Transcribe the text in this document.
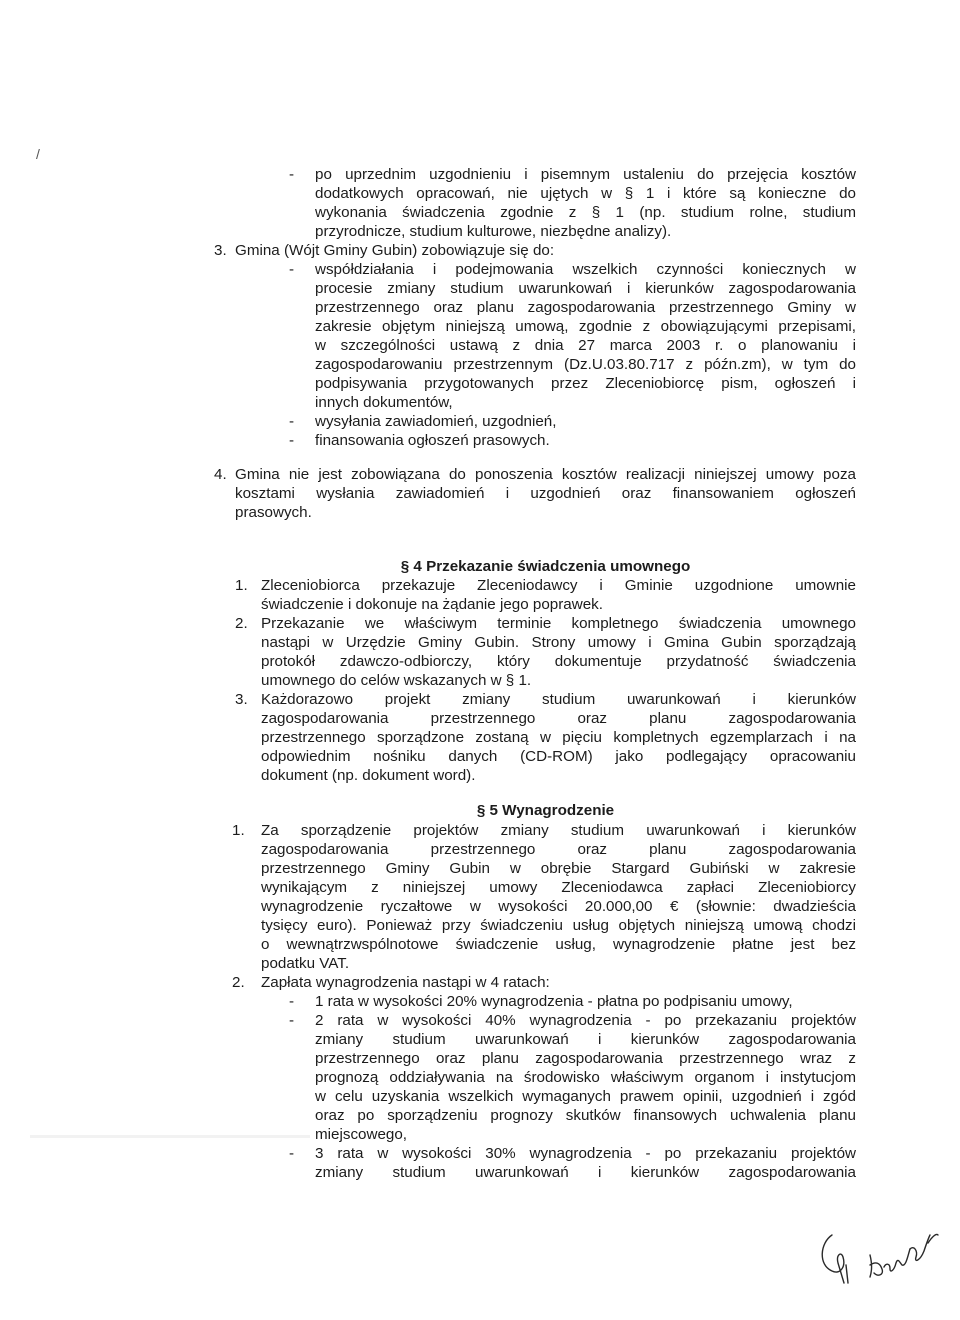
/
- po uprzednim uzgodnieniu i pisemnym ustaleniu do przejęcia kosztów

dodatkowych opracowań, nie ujętych w § 1 i które są konieczne do

wykonania świadczenia zgodnie z § 1 (np. studium rolne, studium

przyrodnicze, studium kulturowe, niezbędne analizy).

3. Gmina (Wójt Gminy Gubin) zobowiązuje się do:

- współdziałania i podejmowania wszelkich czynności koniecznych w

procesie zmiany studium uwarunkowań i kierunków zagospodarowania

przestrzennego oraz planu zagospodarowania przestrzennego Gminy w

zakresie objętym niniejszą umową, zgodnie z obowiązującymi przepisami,

w szczególności ustawą z dnia 27 marca 2003 r. o planowaniu i

zagospodarowaniu przestrzennym (Dz.U.03.80.717 z późn.zm), w tym do

podpisywania przygotowanych przez Zleceniobiorcę pism, ogłoszeń i

innych dokumentów,

- wysyłania zawiadomień, uzgodnień,

- finansowania ogłoszeń prasowych.

4. Gmina nie jest zobowiązana do ponoszenia kosztów realizacji niniejszej umowy poza

kosztami wysłania zawiadomień i uzgodnień oraz finansowaniem ogłoszeń

prasowych.

§ 4 Przekazanie świadczenia umownego

1. Zleceniobiorca przekazuje Zleceniodawcy i Gminie uzgodnione umownie

świadczenie i dokonuje na żądanie jego poprawek.

2. Przekazanie we właściwym terminie kompletnego świadczenia umownego

nastąpi w Urzędzie Gminy Gubin. Strony umowy i Gmina Gubin sporządzają

protokół zdawczo-odbiorczy, który dokumentuje przydatność świadczenia

umownego do celów wskazanych w § 1.

3. Każdorazowo projekt zmiany studium uwarunkowań i kierunków

zagospodarowania przestrzennego oraz planu zagospodarowania

przestrzennego sporządzone zostaną w pięciu kompletnych egzemplarzach i na

odpowiednim nośniku danych (CD-ROM) jako podlegający opracowaniu

dokument (np. dokument word).

§ 5 Wynagrodzenie

1. Za sporządzenie projektów zmiany studium uwarunkowań i kierunków

zagospodarowania przestrzennego oraz planu zagospodarowania

przestrzennego Gminy Gubin w obrębie Stargard Gubiński w zakresie

wynikającym z niniejszej umowy Zleceniodawca zapłaci Zleceniobiorcy

wynagrodzenie ryczałtowe w wysokości 20.000,00 € (słownie: dwadzieścia

tysięcy euro). Ponieważ przy świadczeniu usług objętych niniejszą umową chodzi

o wewnątrzwspólnotowe świadczenie usług, wynagrodzenie płatne jest bez

podatku VAT.

2. Zapłata wynagrodzenia nastąpi w 4 ratach:

- 1 rata w wysokości 20% wynagrodzenia - płatna po podpisaniu umowy,

- 2 rata w wysokości 40% wynagrodzenia - po przekazaniu projektów

zmiany studium uwarunkowań i kierunków zagospodarowania

przestrzennego oraz planu zagospodarowania przestrzennego wraz z

prognozą oddziaływania na środowisko właściwym organom i instytucjom

w celu uzyskania wszelkich wymaganych prawem opinii, uzgodnień i zgód

oraz po sporządzeniu prognozy skutków finansowych uchwalenia planu

miejscowego,

- 3 rata w wysokości 30% wynagrodzenia - po przekazaniu projektów

zmiany studium uwarunkowań i kierunków zagospodarowania
